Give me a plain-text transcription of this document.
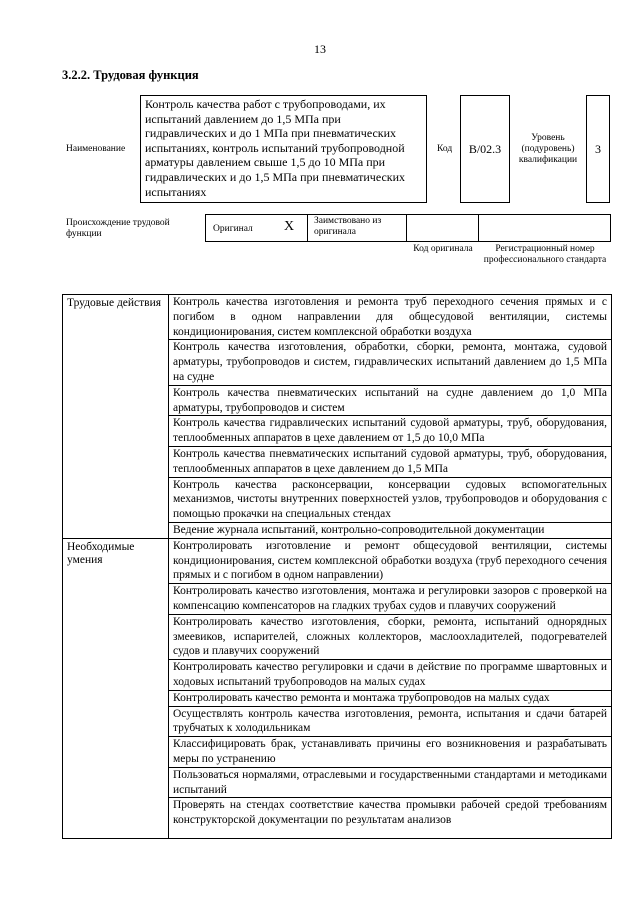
13
3.2.2. Трудовая функция
Наименование
Контроль качества работ с трубопроводами, их испытаний давлением до 1,5 МПа при гидравлических и до 1 МПа при пневматических испытаниях, контроль испытаний трубопроводной арматуры давлением свыше 1,5 до 10 МПа при гидравлических и до 1,5 МПа при пневматических испытаниях
Код	B/02.3
Уровень (подуровень) квалификации
3
Происхождение трудовой функции	Оригинал X Заимствовано из оригинала
Код оригинала	Регистрационный номер профессионального стандарта
Трудовые действия	Контроль качества изготовления и ремонта труб переходного сечения прямых и с погибом в одном направлении для общесудовой вентиляции, системы кондиционирования, систем комплексной обработки воздуха
	Контроль качества изготовления, обработки, сборки, ремонта, монтажа, судовой арматуры, трубопроводов и систем, гидравлических испытаний давлением до 1,5 МПа на судне
	Контроль качества пневматических испытаний на судне давлением до 1,0 МПа арматуры, трубопроводов и систем
	Контроль качества гидравлических испытаний судовой арматуры, труб, оборудования, теплообменных аппаратов в цехе давлением от 1,5 до 10,0 МПа
	Контроль качества пневматических испытаний судовой арматуры, труб, оборудования, теплообменных аппаратов в цехе давлением до 1,5 МПа
	Контроль качества расконсервации, консервации судовых вспомогательных механизмов, чистоты внутренних поверхностей узлов, трубопроводов и оборудования с помощью прокачки на специальных стендах
	Ведение журнала испытаний, контрольно-сопроводительной документации
Необходимые умения	Контролировать изготовление и ремонт общесудовой вентиляции, системы кондиционирования, систем комплексной обработки воздуха (труб переходного сечения прямых и с погибом в одном направлении)
	Контролировать качество изготовления, монтажа и регулировки зазоров с проверкой на компенсацию компенсаторов на гладких трубах судов и плавучих сооружений
	Контролировать качество изготовления, сборки, ремонта, испытаний однорядных змеевиков, испарителей, сложных коллекторов, маслоохладителей, подогревателей судов и плавучих сооружений
	Контролировать качество регулировки и сдачи в действие по программе швартовных и ходовых испытаний трубопроводов на малых судах
	Контролировать качество ремонта и монтажа трубопроводов на малых судах
	Осуществлять контроль качества изготовления, ремонта, испытания и сдачи батарей трубчатых к холодильникам
	Классифицировать брак, устанавливать причины его возникновения и разрабатывать меры по устранению
	Пользоваться нормалями, отраслевыми и государственными стандартами и методиками испытаний

	Проверять на стендах соответствие качества промывки рабочей средой требованиям конструкторской документации по результатам анализов
